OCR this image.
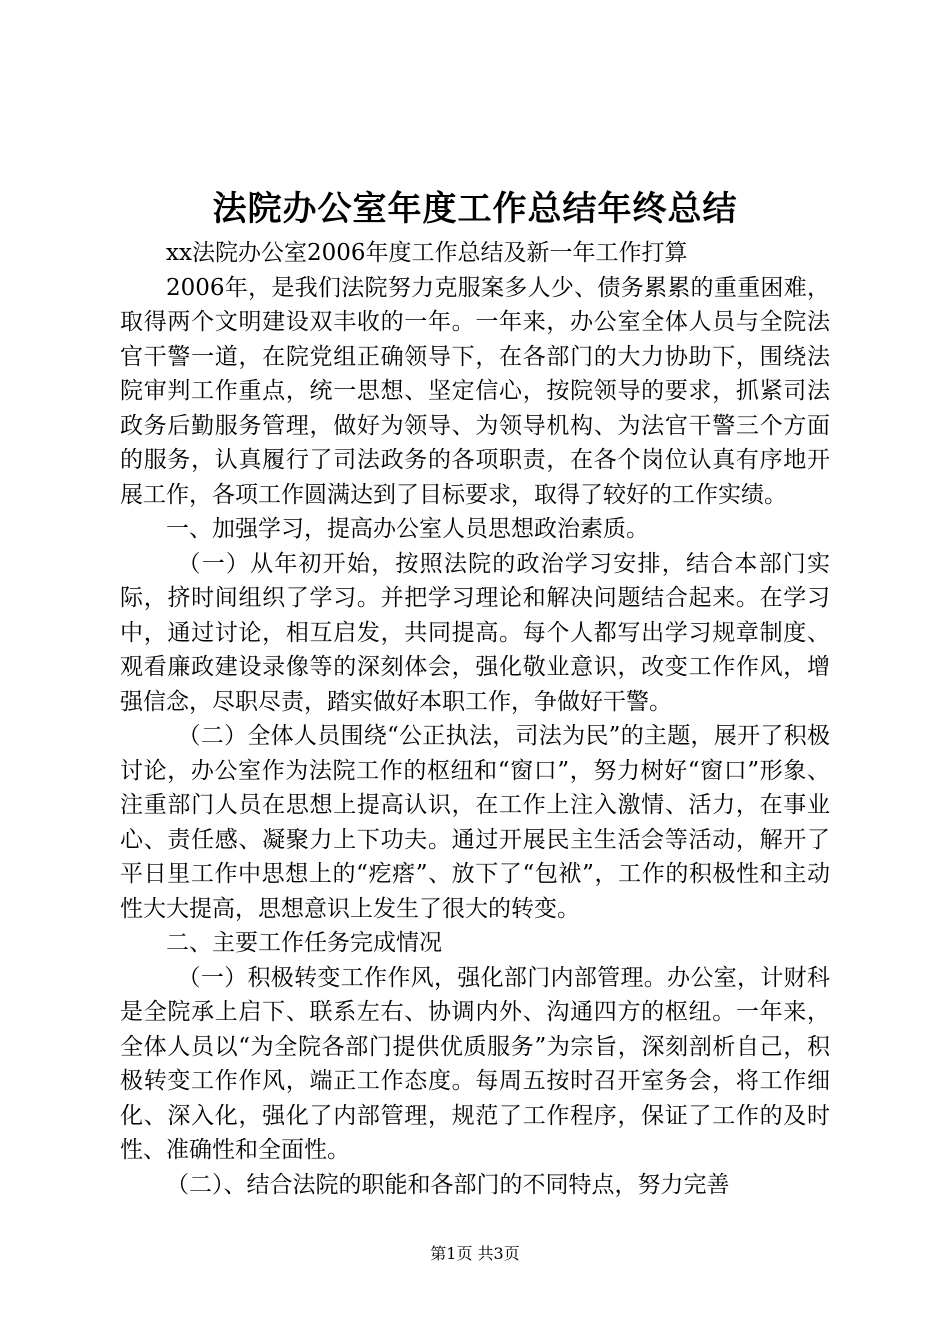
法院办公室年度工作总结年终总结

xx法院办公室2006年度工作总结及新一年工作打算

2006年，是我们法院努力克服案多人少、债务累累的重重困难，取得两个文明建设双丰收的一年。一年来，办公室全体人员与全院法官干警一道，在院党组正确领导下，在各部门的大力协助下，围绕法院审判工作重点，统一思想、坚定信心，按院领导的要求，抓紧司法政务后勤服务管理，做好为领导、为领导机构、为法官干警三个方面的服务，认真履行了司法政务的各项职责，在各个岗位认真有序地开展工作，各项工作圆满达到了目标要求，取得了较好的工作实绩。

一、加强学习，提高办公室人员思想政治素质。

（一）从年初开始，按照法院的政治学习安排，结合本部门实际，挤时间组织了学习。并把学习理论和解决问题结合起来。在学习中，通过讨论，相互启发，共同提高。每个人都写出学习规章制度、观看廉政建设录像等的深刻体会，强化敬业意识，改变工作作风，增强信念，尽职尽责，踏实做好本职工作，争做好干警。

（二）全体人员围绕“公正执法，司法为民”的主题，展开了积极讨论，办公室作为法院工作的枢纽和“窗口”，努力树好“窗口”形象、注重部门人员在思想上提高认识，在工作上注入激情、活力，在事业心、责任感、凝聚力上下功夫。通过开展民主生活会等活动，解开了平日里工作中思想上的“疙瘩”、放下了“包袱”，工作的积极性和主动性大大提高，思想意识上发生了很大的转变。

二、主要工作任务完成情况

（一）积极转变工作作风，强化部门内部管理。办公室，计财科是全院承上启下、联系左右、协调内外、沟通四方的枢纽。一年来，全体人员以“为全院各部门提供优质服务”为宗旨，深刻剖析自己，积极转变工作作风，端正工作态度。每周五按时召开室务会，将工作细化、深入化，强化了内部管理，规范了工作程序，保证了工作的及时性、准确性和全面性。

（二）、结合法院的职能和各部门的不同特点，努力完善

第1页 共3页
